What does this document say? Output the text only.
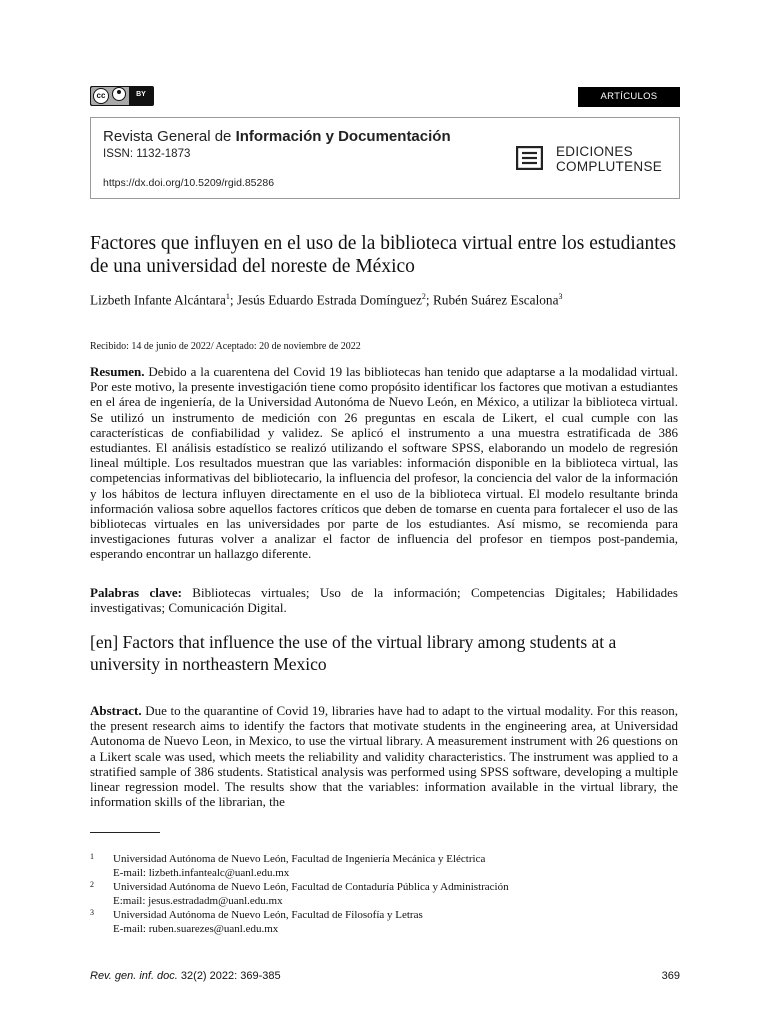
cc	BY	ARTÍCULOS
Revista General de Información y Documentación
ISSN: 1132-1873
https://dx.doi.org/10.5209/rgid.85286
EDICIONES
COMPLUTENSE
Factores que influyen en el uso de la biblioteca virtual entre los estudiantes de una universidad del noreste de México
Lizbeth Infante Alcántara$^1$; Jesús Eduardo Estrada Domínguez$^2$; Rubén Suárez Escalona$^3$
Recibido: 14 de junio de 2022/ Aceptado: 20 de noviembre de 2022
Resumen. Debido a la cuarentena del Covid 19 las bibliotecas han tenido que adaptarse a la modalidad virtual. Por este motivo, la presente investigación tiene como propósito identificar los factores que motivan a estudiantes en el área de ingeniería, de la Universidad Autonóma de Nuevo León, en México, a utilizar la biblioteca virtual. Se utilizó un instrumento de medición con 26 preguntas en escala de Likert, el cual cumple con las características de confiabilidad y validez. Se aplicó el instrumento a una muestra estratificada de 386 estudiantes. El análisis estadístico se realizó utilizando el software SPSS, elaborando un modelo de regresión lineal múltiple. Los resultados muestran que las variables: información disponible en la biblioteca virtual, las competencias informativas del bibliotecario, la influencia del profesor, la conciencia del valor de la información y los hábitos de lectura influyen directamente en el uso de la biblioteca virtual. El modelo resultante brinda información valiosa sobre aquellos factores críticos que deben de tomarse en cuenta para fortalecer el uso de las bibliotecas virtuales en las universidades por parte de los estudiantes. Así mismo, se recomienda para investigaciones futuras volver a analizar el factor de influencia del profesor en tiempos post-pandemia, esperando encontrar un hallazgo diferente.
Palabras clave: Bibliotecas virtuales; Uso de la información; Competencias Digitales; Habilidades investigativas; Comunicación Digital.
[en] Factors that influence the use of the virtual library among students at a university in northeastern Mexico
Abstract. Due to the quarantine of Covid 19, libraries have had to adapt to the virtual modality. For this reason, the present research aims to identify the factors that motivate students in the engineering area, at Universidad Autonoma de Nuevo Leon, in Mexico, to use the virtual library. A measurement instrument with 26 questions on a Likert scale was used, which meets the reliability and validity characteristics. The instrument was applied to a stratified sample of 386 students. Statistical analysis was performed using SPSS software, developing a multiple linear regression model. The results show that the variables: information available in the virtual library, the information skills of the librarian, the
1 Universidad Autónoma de Nuevo León, Facultad de Ingeniería Mecánica y Eléctrica
E-mail: lizbeth.infantealc@uanl.edu.mx
2 Universidad Autónoma de Nuevo León, Facultad de Contaduría Pública y Administración
E:mail: jesus.estradadm@uanl.edu.mx
3 Universidad Autónoma de Nuevo León, Facultad de Filosofía y Letras
E-mail: ruben.suarezes@uanl.edu.mx
Rev. gen. inf. doc. 32(2) 2022: 369-385	369
